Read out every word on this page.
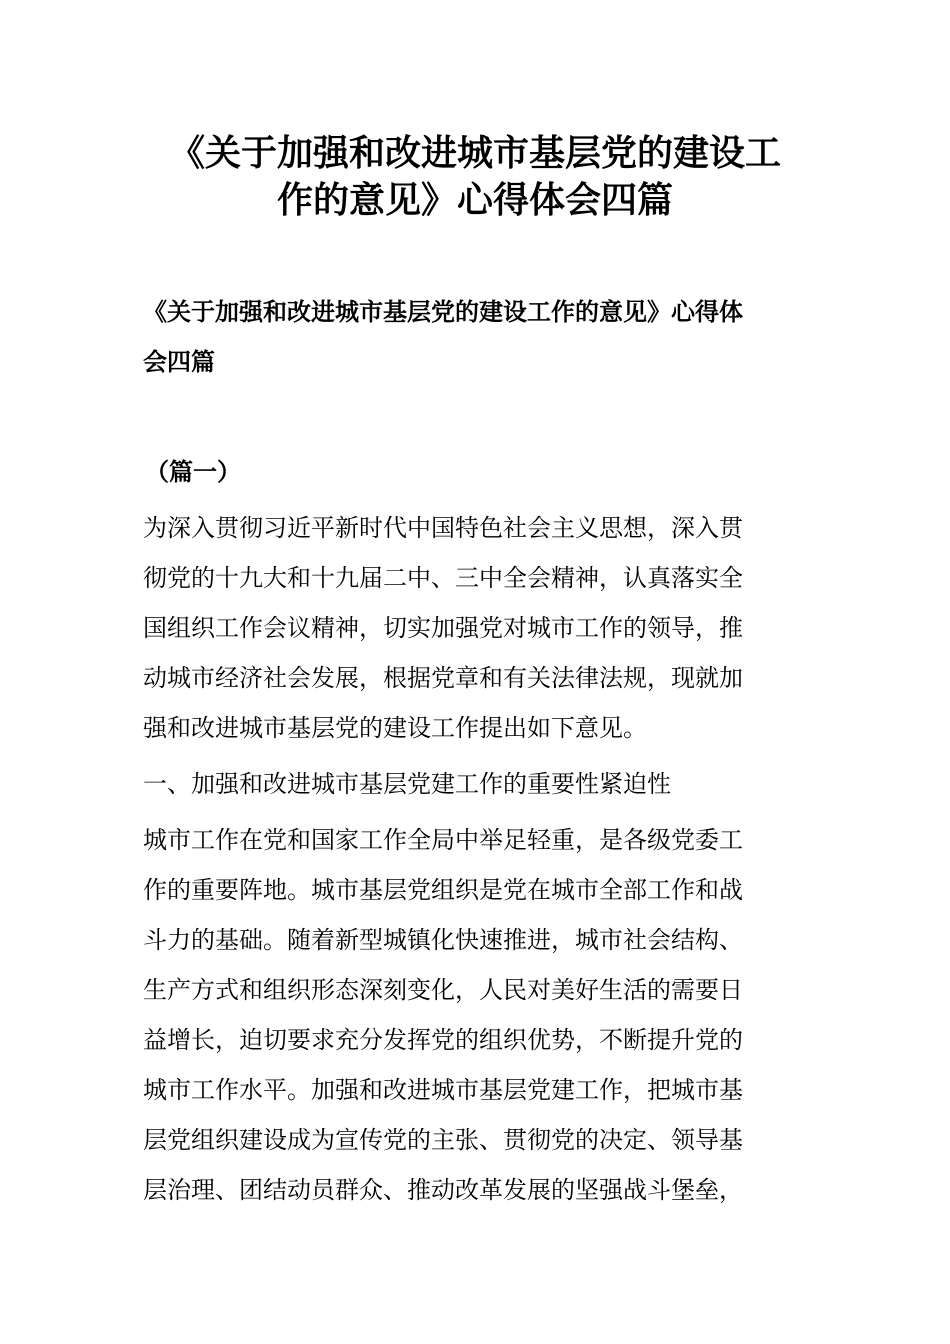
《关于加强和改进城市基层党的建设工
作的意见》心得体会四篇
《关于加强和改进城市基层党的建设工作的意见》心得体
会四篇

（篇一）

为深入贯彻习近平新时代中国特色社会主义思想，深入贯

彻党的十九大和十九届二中、三中全会精神，认真落实全

国组织工作会议精神，切实加强党对城市工作的领导，推

动城市经济社会发展，根据党章和有关法律法规，现就加

强和改进城市基层党的建设工作提出如下意见。

一、加强和改进城市基层党建工作的重要性紧迫性

城市工作在党和国家工作全局中举足轻重，是各级党委工

作的重要阵地。城市基层党组织是党在城市全部工作和战

斗力的基础。随着新型城镇化快速推进，城市社会结构、

生产方式和组织形态深刻变化，人民对美好生活的需要日

益增长，迫切要求充分发挥党的组织优势，不断提升党的

城市工作水平。加强和改进城市基层党建工作，把城市基

层党组织建设成为宣传党的主张、贯彻党的决定、领导基

层治理、团结动员群众、推动改革发展的坚强战斗堡垒，
